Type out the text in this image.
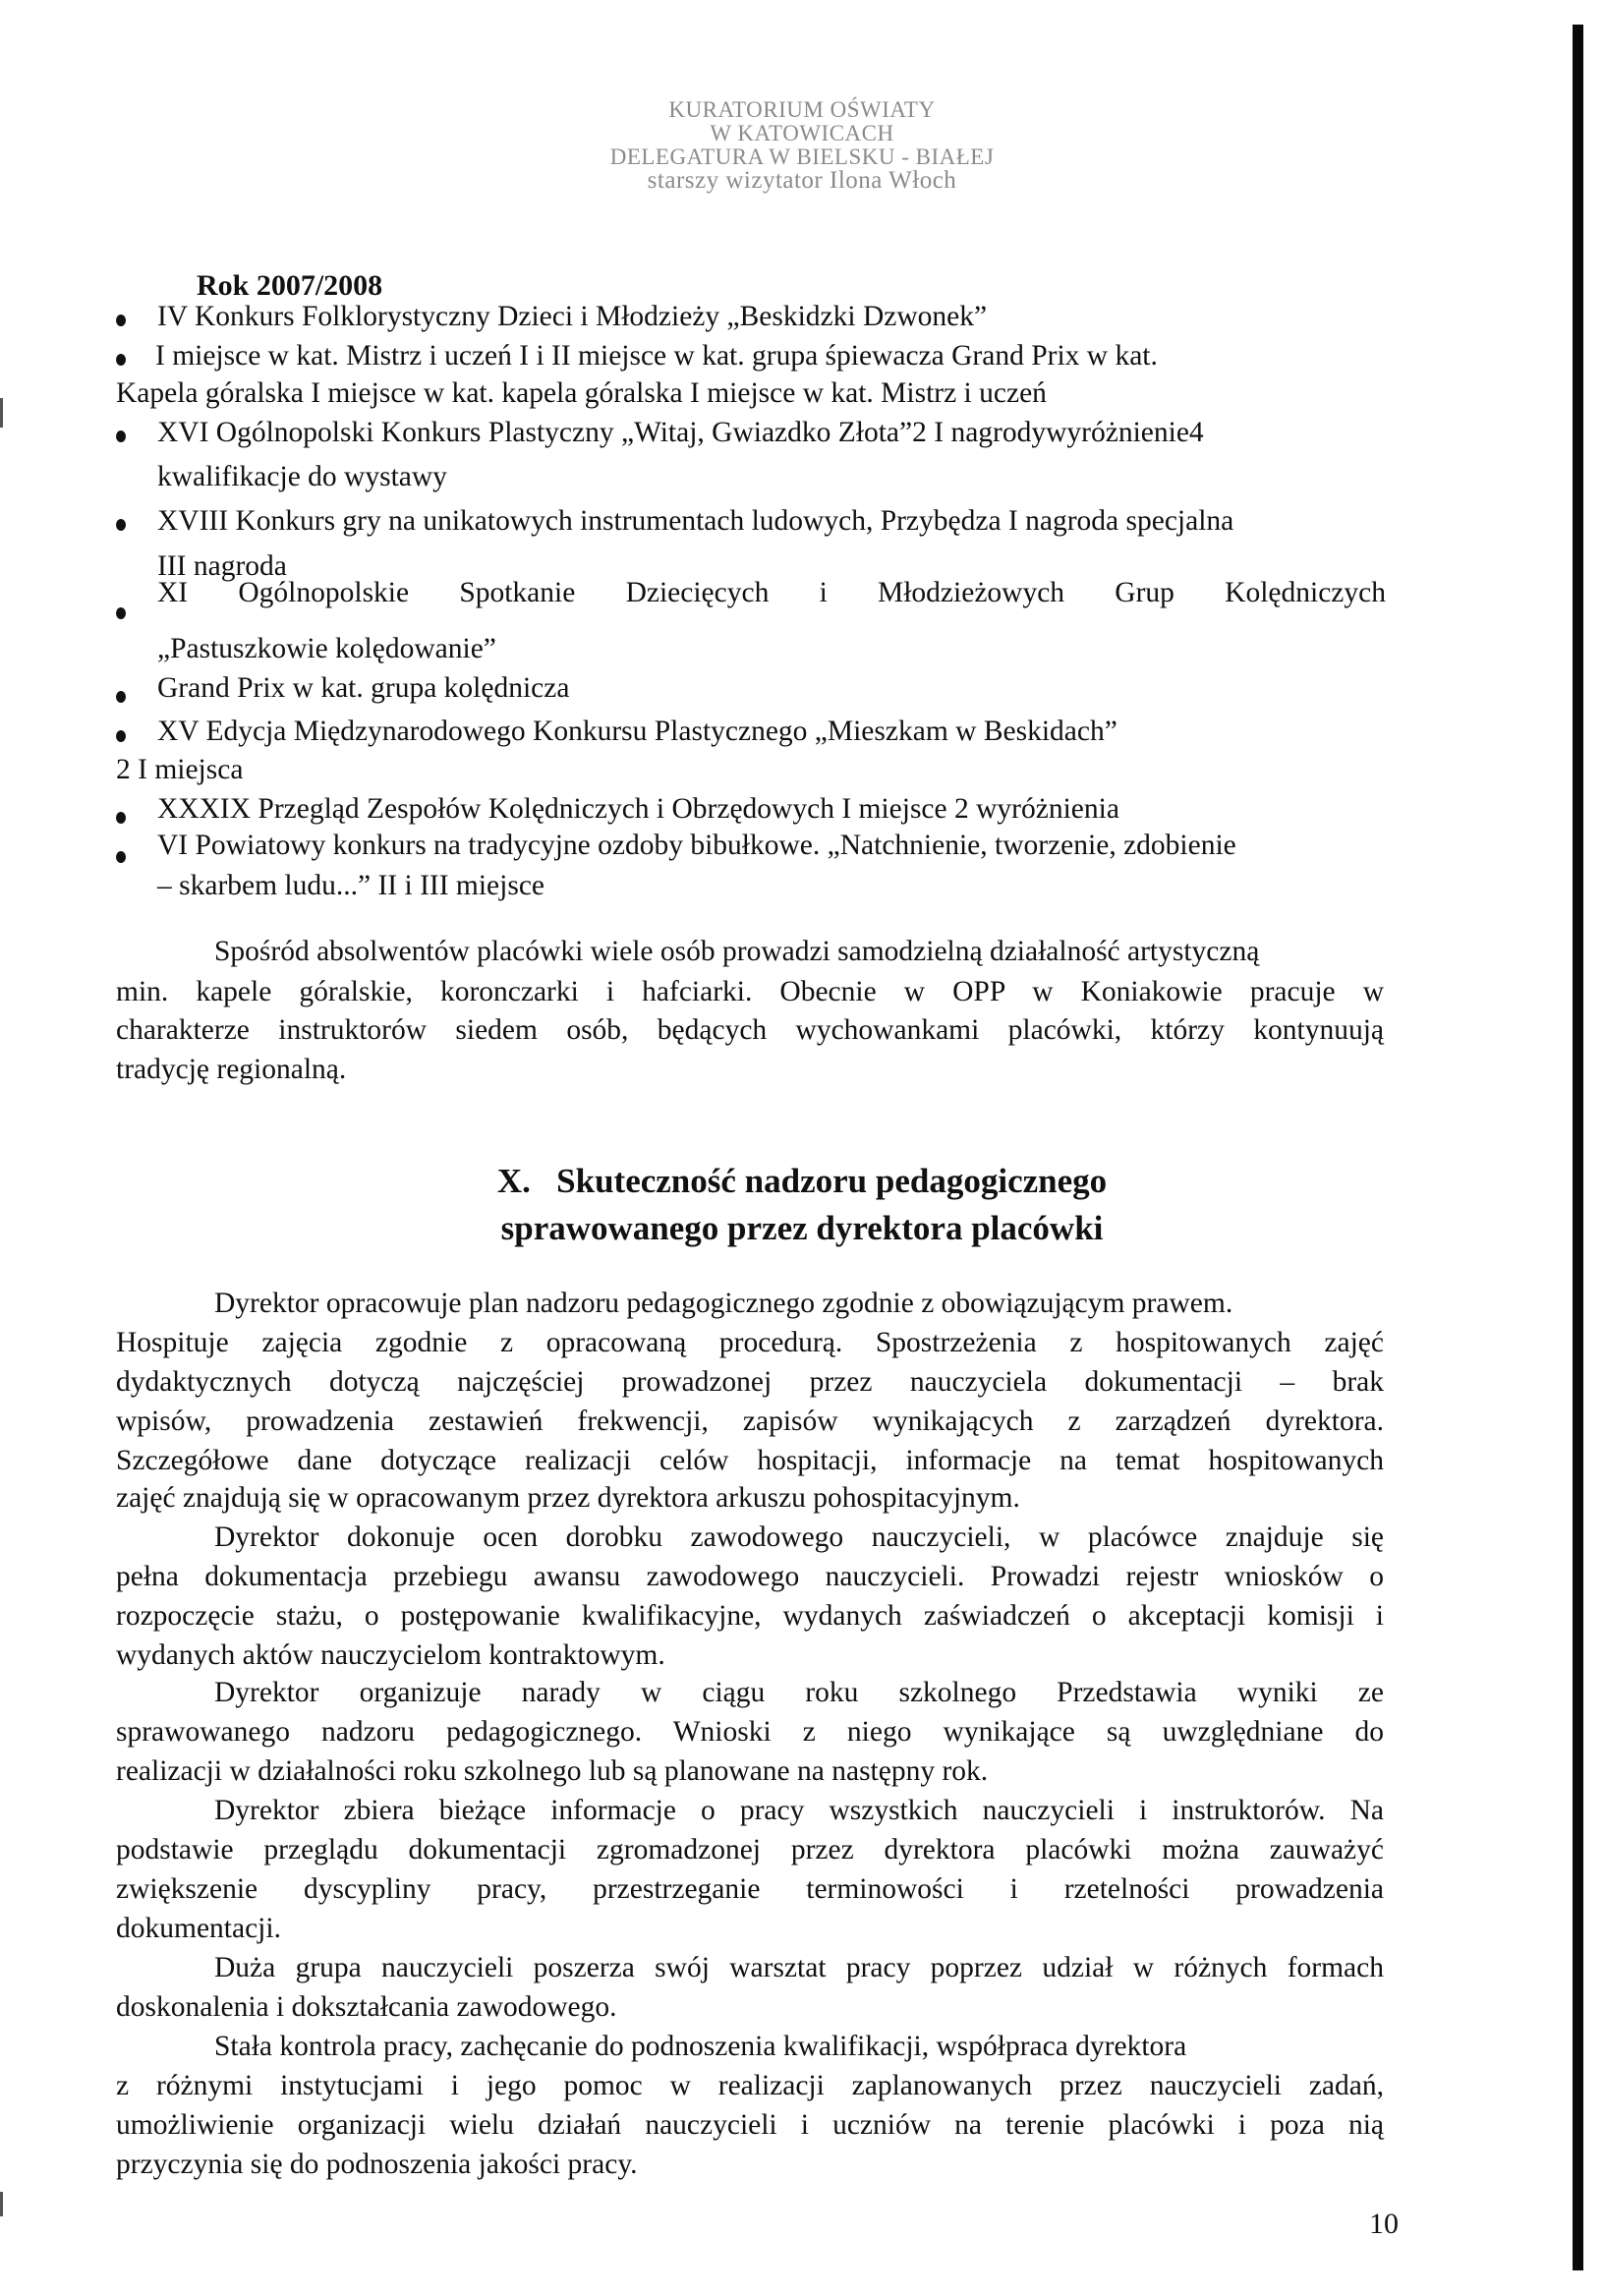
KURATORIUM OŚWIATY
W KATOWICACH
DELEGATURA W BIELSKU - BIAŁEJ
starszy wizytator Ilona Włoch
Rok 2007/2008
IV Konkurs Folklorystyczny Dzieci i Młodzieży „Beskidzki Dzwonek”
I miejsce w kat. Mistrz i uczeń I i II miejsce w kat. grupa śpiewacza Grand Prix w kat.
Kapela góralska I miejsce w kat. kapela góralska I miejsce w kat. Mistrz i uczeń
XVI Ogólnopolski Konkurs Plastyczny „Witaj, Gwiazdko Złota”2 I nagrodywyróżnienie4
kwalifikacje do wystawy
XVIII Konkurs gry na unikatowych instrumentach ludowych, Przybędza I nagroda specjalna
III nagroda
XI Ogólnopolskie Spotkanie Dziecięcych i Młodzieżowych Grup Kolędniczych
„Pastuszkowie kolędowanie”
Grand Prix w kat. grupa kolędnicza
XV Edycja Międzynarodowego Konkursu Plastycznego „Mieszkam w Beskidach”
2 I miejsca
XXXIX Przegląd Zespołów Kolędniczych i Obrzędowych I miejsce 2 wyróżnienia
VI Powiatowy konkurs na tradycyjne ozdoby bibułkowe. „Natchnienie, tworzenie, zdobienie
– skarbem ludu...” II i III miejsce
Spośród absolwentów placówki wiele osób prowadzi samodzielną działalność artystyczną
min. kapele góralskie, koronczarki i hafciarki. Obecnie w OPP w Koniakowie pracuje w
charakterze instruktorów siedem osób, będących wychowankami placówki, którzy kontynuują
tradycję regionalną.
X. Skuteczność nadzoru pedagogicznego
sprawowanego przez dyrektora placówki
Dyrektor opracowuje plan nadzoru pedagogicznego zgodnie z obowiązującym prawem.
Hospituje zajęcia zgodnie z opracowaną procedurą. Spostrzeżenia z hospitowanych zajęć
dydaktycznych dotyczą najczęściej prowadzonej przez nauczyciela dokumentacji – brak
wpisów, prowadzenia zestawień frekwencji, zapisów wynikających z zarządzeń dyrektora.
Szczegółowe dane dotyczące realizacji celów hospitacji, informacje na temat hospitowanych
zajęć znajdują się w opracowanym przez dyrektora arkuszu pohospitacyjnym.
Dyrektor dokonuje ocen dorobku zawodowego nauczycieli, w placówce znajduje się
pełna dokumentacja przebiegu awansu zawodowego nauczycieli. Prowadzi rejestr wniosków o
rozpoczęcie stażu, o postępowanie kwalifikacyjne, wydanych zaświadczeń o akceptacji komisji i
wydanych aktów nauczycielom kontraktowym.
Dyrektor organizuje narady w ciągu roku szkolnego Przedstawia wyniki ze
sprawowanego nadzoru pedagogicznego. Wnioski z niego wynikające są uwzględniane do
realizacji w działalności roku szkolnego lub są planowane na następny rok.
Dyrektor zbiera bieżące informacje o pracy wszystkich nauczycieli i instruktorów. Na
podstawie przeglądu dokumentacji zgromadzonej przez dyrektora placówki można zauważyć
zwiększenie dyscypliny pracy, przestrzeganie terminowości i rzetelności prowadzenia
dokumentacji.
Duża grupa nauczycieli poszerza swój warsztat pracy poprzez udział w różnych formach
doskonalenia i dokształcania zawodowego.
Stała kontrola pracy, zachęcanie do podnoszenia kwalifikacji, współpraca dyrektora
z różnymi instytucjami i jego pomoc w realizacji zaplanowanych przez nauczycieli zadań,
umożliwienie organizacji wielu działań nauczycieli i uczniów na terenie placówki i poza nią
przyczynia się do podnoszenia jakości pracy.
10
